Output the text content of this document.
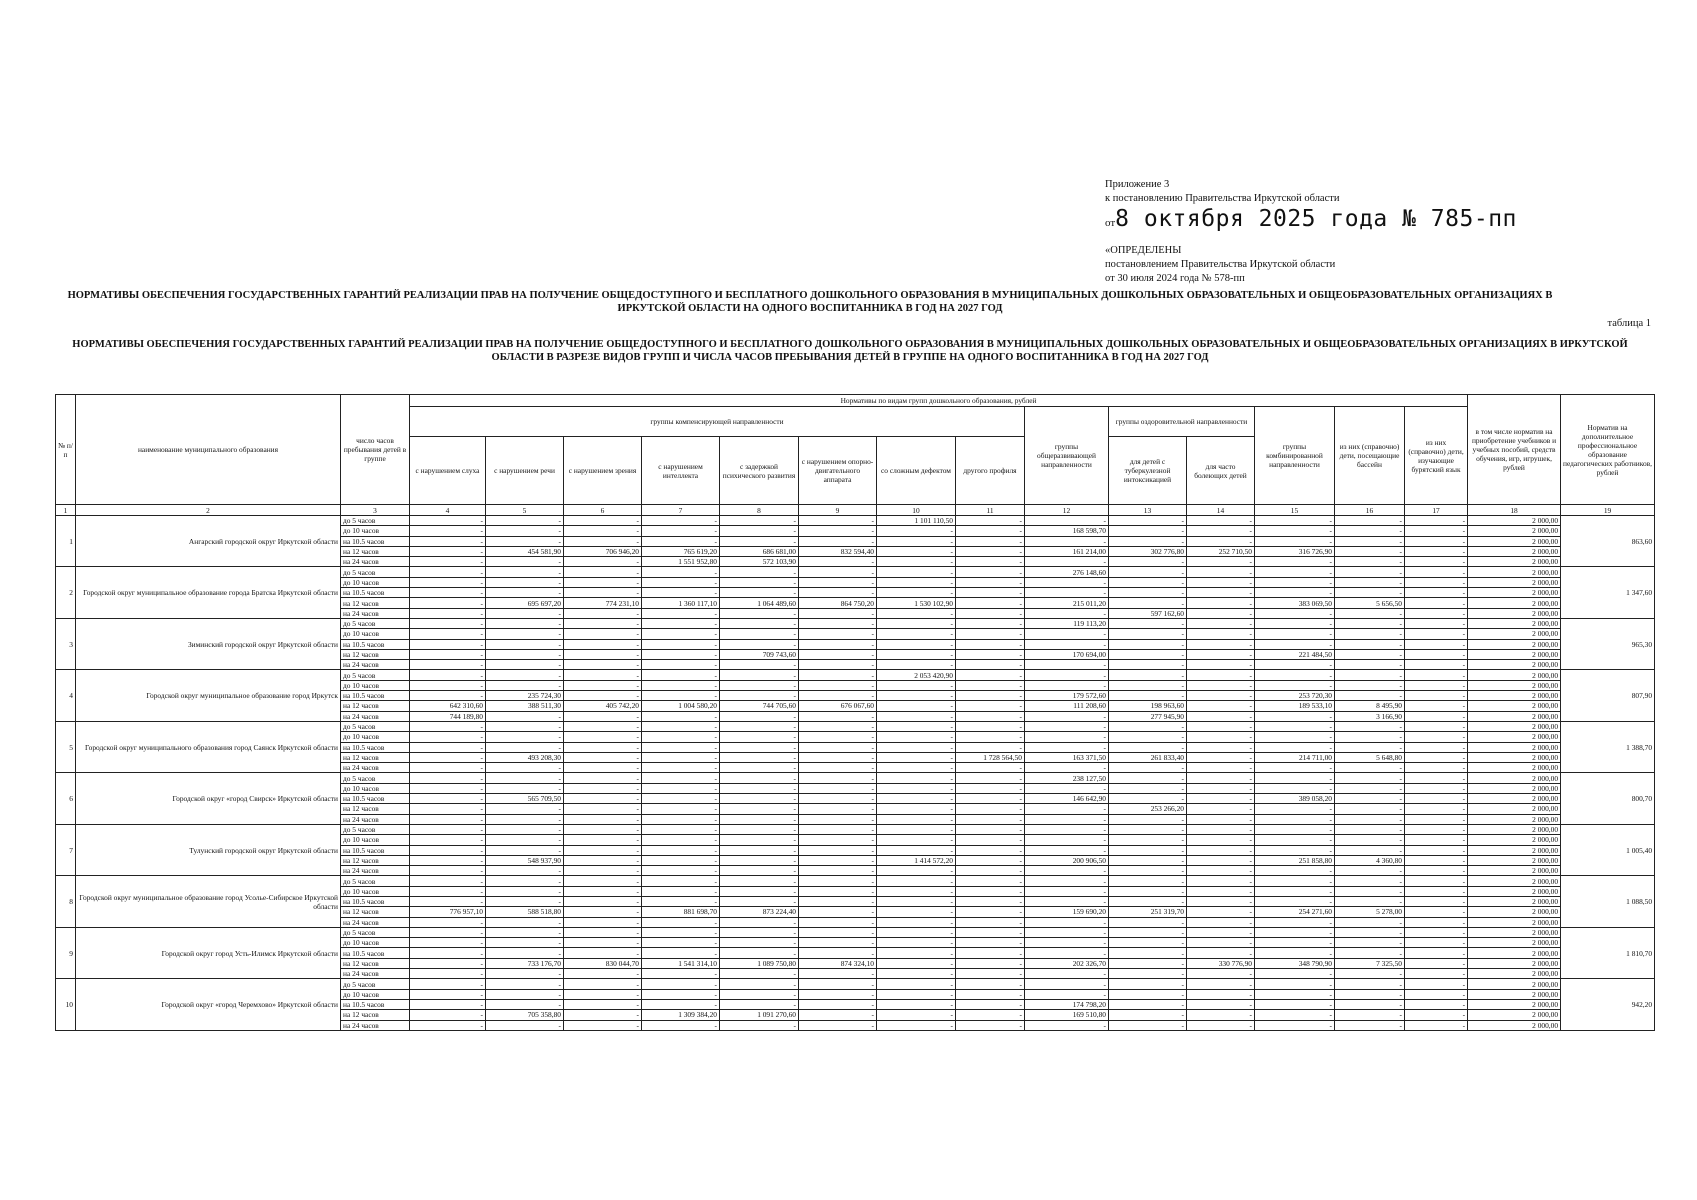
Приложение 3
к постановлению Правительства Иркутской области
от8 октября 2025 года № 785-пп
«ОПРЕДЕЛЕНЫ
постановлением Правительства Иркутской области
от 30 июля 2024 года № 578-пп
НОРМАТИВЫ ОБЕСПЕЧЕНИЯ ГОСУДАРСТВЕННЫХ ГАРАНТИЙ РЕАЛИЗАЦИИ ПРАВ НА ПОЛУЧЕНИЕ ОБЩЕДОСТУПНОГО И БЕСПЛАТНОГО ДОШКОЛЬНОГО ОБРАЗОВАНИЯ В МУНИЦИПАЛЬНЫХ ДОШКОЛЬНЫХ ОБРАЗОВАТЕЛЬНЫХ И ОБЩЕОБРАЗОВАТЕЛЬНЫХ ОРГАНИЗАЦИЯХ В ИРКУТСКОЙ ОБЛАСТИ НА ОДНОГО ВОСПИТАННИКА В ГОД НА 2027 ГОД
таблица 1
НОРМАТИВЫ ОБЕСПЕЧЕНИЯ ГОСУДАРСТВЕННЫХ ГАРАНТИЙ РЕАЛИЗАЦИИ ПРАВ НА ПОЛУЧЕНИЕ ОБЩЕДОСТУПНОГО И БЕСПЛАТНОГО ДОШКОЛЬНОГО ОБРАЗОВАНИЯ В МУНИЦИПАЛЬНЫХ ДОШКОЛЬНЫХ ОБРАЗОВАТЕЛЬНЫХ И ОБЩЕОБРАЗОВАТЕЛЬНЫХ ОРГАНИЗАЦИЯХ В ИРКУТСКОЙ ОБЛАСТИ В РАЗРЕЗЕ ВИДОВ ГРУПП И ЧИСЛА ЧАСОВ ПРЕБЫВАНИЯ ДЕТЕЙ В ГРУППЕ НА ОДНОГО ВОСПИТАННИКА В ГОД НА 2027 ГОД
№ п/п	наименование муниципального образования	число часов пребывания детей в группе	Нормативы по видам групп дошкольного образования, рублей														в том числе норматив на приобретение учебников и учебных пособий, средств обучения, игр, игрушек, рублей	Норматив на дополнительное профессиональное образование педагогических работников, рублей
			группы компенсирующей направленности								группы общеразвивающей направленности	группы оздоровительной направленности		группы комбинированной направленности	из них (справочно) дети, посещающие бассейн	из них (справочно) дети, изучающие бурятский язык		
			с нарушением слуха	с нарушением речи	с нарушением зрения	с нарушением интеллекта	с задержкой психического развития	с нарушением опорно-двигательного аппарата	со сложным дефектом	другого профиля		для детей с туберкулезной интоксикацией	для часто болеющих детей					
1	2	3	4	5	6	7	8	9	10	11	12	13	14	15	16	17	18	19
1	Ангарский городской округ Иркутской области	до 5 часов	-	-	-	-	-	-	1 101 110,50	-	-	-	-	-	-	-	2 000,00	863,60
		до 10 часов	-	-	-	-	-	-	-	-	168 598,70	-	-	-	-	-	2 000,00	
		на 10.5 часов	-	-	-	-	-	-	-	-	-	-	-	-	-	-	2 000,00	
		на 12 часов	-	454 581,90	706 946,20	765 619,20	686 681,00	832 594,40	-	-	161 214,00	302 776,80	252 710,50	316 726,90	-	-	2 000,00	
		на 24 часов	-	-	-	1 551 952,80	572 103,90	-	-	-	-	-	-	-	-	-	2 000,00	
2	Городской округ муниципальное образование города Братска Иркутской области	до 5 часов	-	-	-	-	-	-	-	-	276 148,60	-	-	-	-	-	2 000,00	1 347,60
		до 10 часов	-	-	-	-	-	-	-	-	-	-	-	-	-	-	2 000,00	
		на 10.5 часов	-	-	-	-	-	-	-	-	-	-	-	-	-	-	2 000,00	
		на 12 часов	-	695 697,20	774 231,10	1 360 117,10	1 064 489,60	864 750,20	1 530 102,90	-	215 011,20	-	-	383 069,50	5 656,50	-	2 000,00	
		на 24 часов	-	-	-	-	-	-	-	-	-	597 162,60	-	-	-	-	2 000,00	
3	Зиминский городской округ Иркутской области	до 5 часов	-	-	-	-	-	-	-	-	119 113,20	-	-	-	-	-	2 000,00	965,30
		до 10 часов	-	-	-	-	-	-	-	-	-	-	-	-	-	-	2 000,00	
		на 10.5 часов	-	-	-	-	-	-	-	-	-	-	-	-	-	-	2 000,00	
		на 12 часов	-	-	-	-	709 743,60	-	-	-	170 694,00	-	-	221 484,50	-	-	2 000,00	
		на 24 часов	-	-	-	-	-	-	-	-	-	-	-	-	-	-	2 000,00	
4	Городской округ муниципальное образование город Иркутск	до 5 часов	-	-	-	-	-	-	2 053 420,90	-	-	-	-	-	-	-	2 000,00	807,90
		до 10 часов	-	-	-	-	-	-	-	-	-	-	-	-	-	-	2 000,00	
		на 10.5 часов	-	235 724,30	-	-	-	-	-	-	179 572,60	-	-	253 720,30	-	-	2 000,00	
		на 12 часов	642 310,60	388 511,30	405 742,20	1 004 580,20	744 705,60	676 067,60	-	-	111 208,60	198 963,60	-	189 533,10	8 495,90	-	2 000,00	
		на 24 часов	744 189,80	-	-	-	-	-	-	-	-	277 945,90	-	-	3 166,90	-	2 000,00	
5	Городской округ муниципального образования город Саянск Иркутской области	до 5 часов	-	-	-	-	-	-	-	-	-	-	-	-	-	-	2 000,00	1 388,70
		до 10 часов	-	-	-	-	-	-	-	-	-	-	-	-	-	-	2 000,00	
		на 10.5 часов	-	-	-	-	-	-	-	-	-	-	-	-	-	-	2 000,00	
		на 12 часов	-	493 208,30	-	-	-	-	-	1 728 564,50	163 371,50	261 833,40	-	214 711,00	5 648,80	-	2 000,00	
		на 24 часов	-	-	-	-	-	-	-	-	-	-	-	-	-	-	2 000,00	
6	Городской округ «город Свирск» Иркутской области	до 5 часов	-	-	-	-	-	-	-	-	238 127,50	-	-	-	-	-	2 000,00	800,70
		до 10 часов	-	-	-	-	-	-	-	-	-	-	-	-	-	-	2 000,00	
		на 10.5 часов	-	565 709,50	-	-	-	-	-	-	146 642,90	-	-	389 058,20	-	-	2 000,00	
		на 12 часов	-	-	-	-	-	-	-	-	-	253 266,20	-	-	-	-	2 000,00	
		на 24 часов	-	-	-	-	-	-	-	-	-	-	-	-	-	-	2 000,00	
7	Тулунский городской округ Иркутской области	до 5 часов	-	-	-	-	-	-	-	-	-	-	-	-	-	-	2 000,00	1 005,40
		до 10 часов	-	-	-	-	-	-	-	-	-	-	-	-	-	-	2 000,00	
		на 10.5 часов	-	-	-	-	-	-	-	-	-	-	-	-	-	-	2 000,00	
		на 12 часов	-	548 937,90	-	-	-	-	1 414 572,20	-	200 906,50	-	-	251 858,80	4 360,80	-	2 000,00	
		на 24 часов	-	-	-	-	-	-	-	-	-	-	-	-	-	-	2 000,00	
8	Городской округ муниципальное образование город Усолье-Сибирское Иркутской области	до 5 часов	-	-	-	-	-	-	-	-	-	-	-	-	-	-	2 000,00	1 088,50
		до 10 часов	-	-	-	-	-	-	-	-	-	-	-	-	-	-	2 000,00	
		на 10.5 часов	-	-	-	-	-	-	-	-	-	-	-	-	-	-	2 000,00	
		на 12 часов	776 957,10	588 518,80	-	881 698,70	873 224,40	-	-	-	159 690,20	251 319,70	-	254 271,60	5 278,00	-	2 000,00	
		на 24 часов	-	-	-	-	-	-	-	-	-	-	-	-	-	-	2 000,00	
9	Городской округ город Усть-Илимск Иркутской области	до 5 часов	-	-	-	-	-	-	-	-	-	-	-	-	-	-	2 000,00	1 810,70
		до 10 часов	-	-	-	-	-	-	-	-	-	-	-	-	-	-	2 000,00	
		на 10.5 часов	-	-	-	-	-	-	-	-	-	-	-	-	-	-	2 000,00	
		на 12 часов	-	733 176,70	830 044,70	1 541 314,10	1 089 750,80	874 324,10	-	-	202 326,70	-	330 776,90	348 790,90	7 325,50	-	2 000,00	
		на 24 часов	-	-	-	-	-	-	-	-	-	-	-	-	-	-	2 000,00	
10	Городской округ «город Черемхово» Иркутской области	до 5 часов	-	-	-	-	-	-	-	-	-	-	-	-	-	-	2 000,00	942,20
		до 10 часов	-	-	-	-	-	-	-	-	-	-	-	-	-	-	2 000,00	
		на 10.5 часов	-	-	-	-	-	-	-	-	174 798,20	-	-	-	-	-	2 000,00	
		на 12 часов	-	705 358,80	-	1 309 384,20	1 091 270,60	-	-	-	169 510,80	-	-	-	-	-	2 000,00	
		на 24 часов	-	-	-	-	-	-	-	-	-	-	-	-	-	-	2 000,00	
